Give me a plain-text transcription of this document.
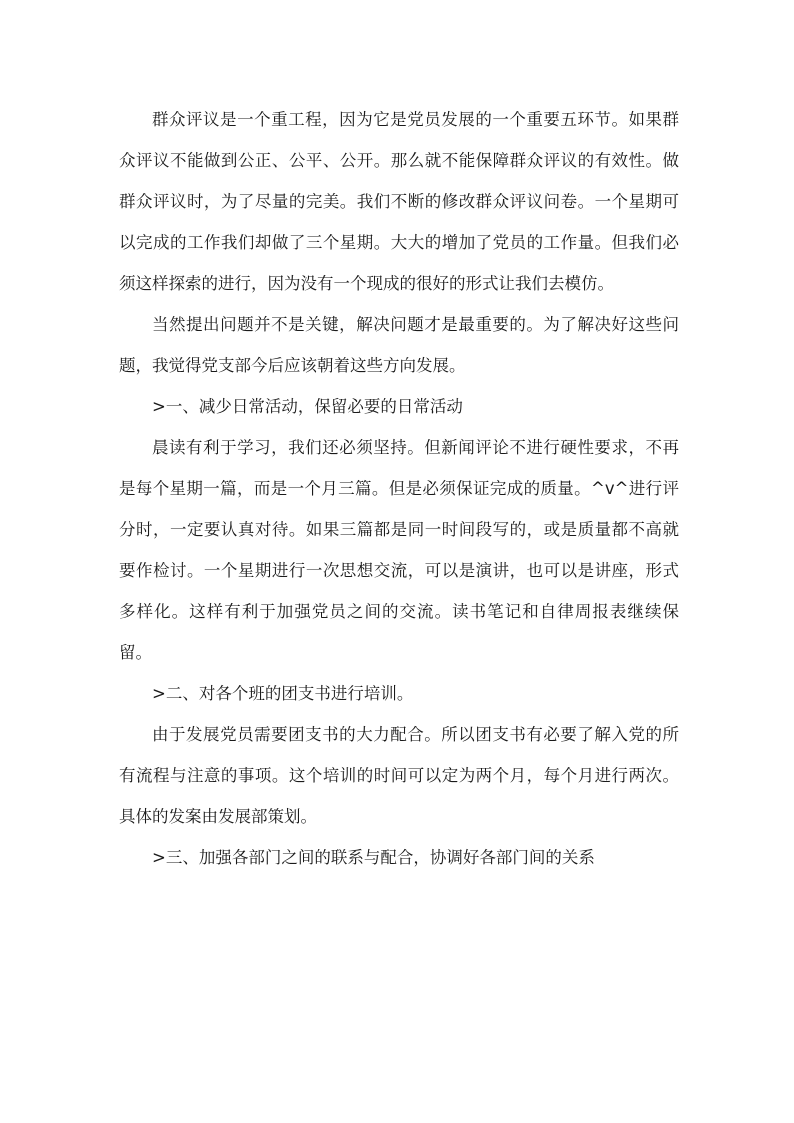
群众评议是一个重工程，因为它是党员发展的一个重要五环节。如果群众评议不能做到公正、公平、公开。那么就不能保障群众评议的有效性。做群众评议时，为了尽量的完美。我们不断的修改群众评议问卷。一个星期可以完成的工作我们却做了三个星期。大大的增加了党员的工作量。但我们必须这样探索的进行，因为没有一个现成的很好的形式让我们去模仿。

当然提出问题并不是关键，解决问题才是最重要的。为了解决好这些问题，我觉得党支部今后应该朝着这些方向发展。

>一、减少日常活动，保留必要的日常活动

晨读有利于学习，我们还必须坚持。但新闻评论不进行硬性要求，不再是每个星期一篇，而是一个月三篇。但是必须保证完成的质量。^v^进行评分时，一定要认真对待。如果三篇都是同一时间段写的，或是质量都不高就要作检讨。一个星期进行一次思想交流，可以是演讲，也可以是讲座，形式多样化。这样有利于加强党员之间的交流。读书笔记和自律周报表继续保留。

>二、对各个班的团支书进行培训。

由于发展党员需要团支书的大力配合。所以团支书有必要了解入党的所有流程与注意的事项。这个培训的时间可以定为两个月，每个月进行两次。具体的发案由发展部策划。

>三、加强各部门之间的联系与配合，协调好各部门间的关系
